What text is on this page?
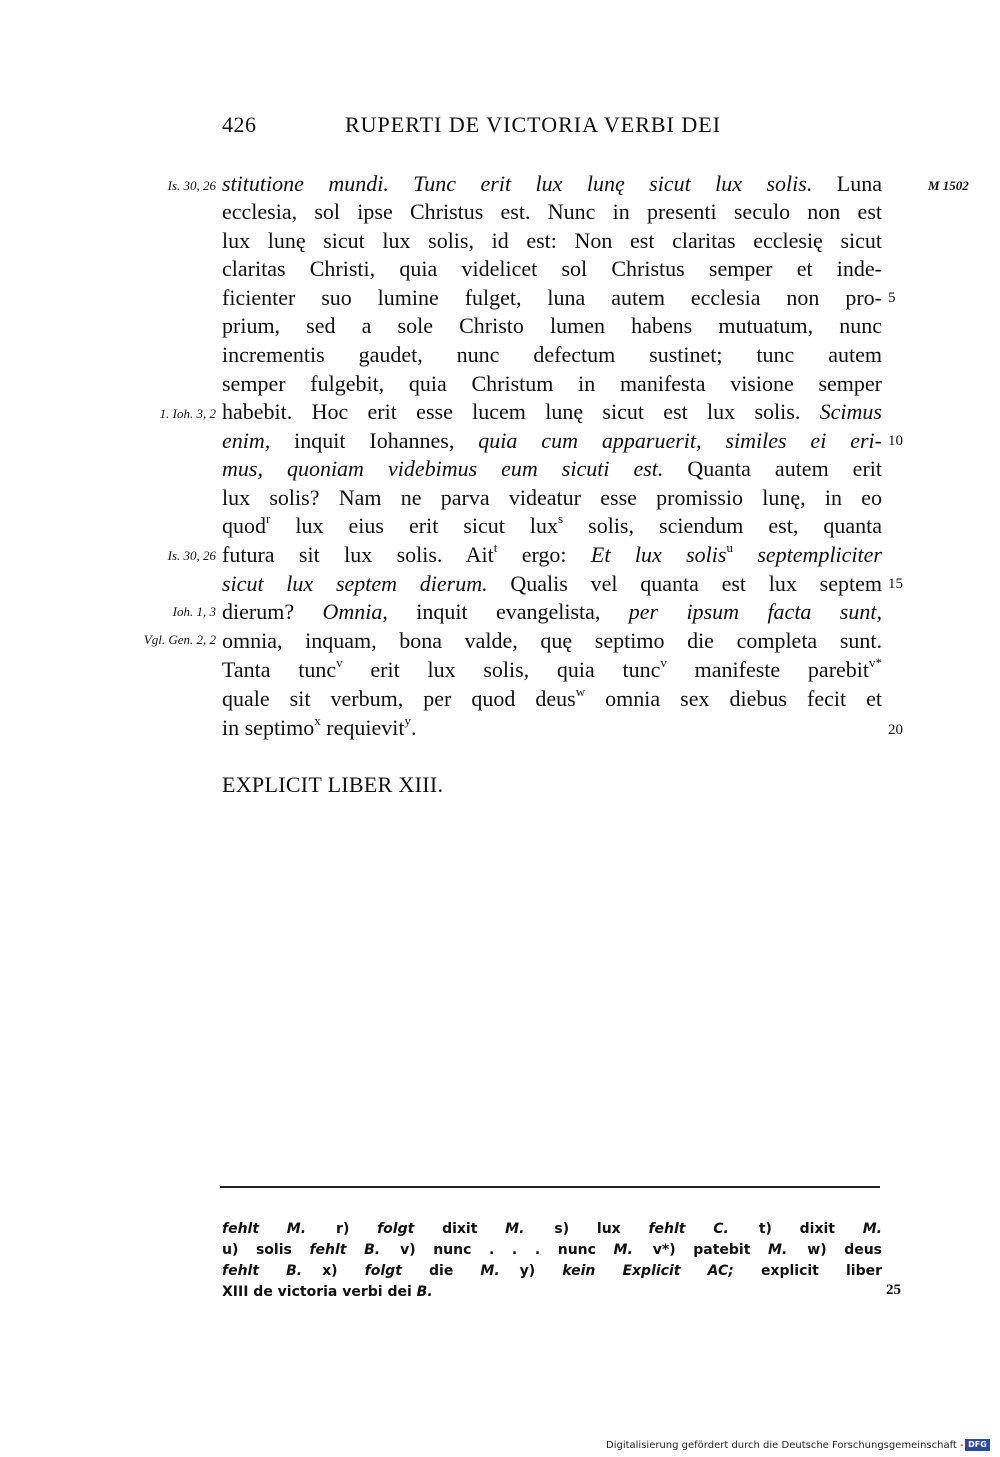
426	RUPERTI DE VICTORIA VERBI DEI
M 1502
Is. 30, 26
1. Ioh. 3, 2
Is. 30, 26
Ioh. 1, 3
Vgl. Gen. 2, 2
5
10
15
20
stitutione mundi. Tunc erit lux lunę sicut lux solis. Luna
ecclesia, sol ipse Christus est. Nunc in presenti seculo non est
lux lunę sicut lux solis, id est: Non est claritas ecclesię sicut
claritas Christi, quia videlicet sol Christus semper et inde-
ficienter suo lumine fulget, luna autem ecclesia non pro-
prium, sed a sole Christo lumen habens mutuatum, nunc
incrementis gaudet, nunc defectum sustinet; tunc autem
semper fulgebit, quia Christum in manifesta visione semper
habebit. Hoc erit esse lucem lunę sicut est lux solis. Scimus
enim, inquit Iohannes, quia cum apparuerit, similes ei eri-
mus, quoniam videbimus eum sicuti est. Quanta autem erit
lux solis? Nam ne parva videatur esse promissio lunę, in eo
quod$^r$ lux eius erit sicut lux$^s$ solis, sciendum est, quanta
futura sit lux solis. Ait$^t$ ergo: Et lux solis$^u$ septempliciter
sicut lux septem dierum. Qualis vel quanta est lux septem
dierum? Omnia, inquit evangelista, per ipsum facta sunt,
omnia, inquam, bona valde, quę septimo die completa sunt.
Tanta tunc$^v$ erit lux solis, quia tunc$^v$ manifeste parebit$^{v*}$
quale sit verbum, per quod deus$^w$ omnia sex diebus fecit et
in septimo$^x$ requievit$^y$.
EXPLICIT LIBER XIII.
fehlt M. r) folgt dixit M. s) lux fehlt C. t) dixit M.
u) solis fehlt B. v) nunc . . . nunc M. v*) patebit M. w) deus
fehlt B. x) folgt die M. y) kein Explicit AC; explicit liber
XIII de victoria verbi dei B.	25
Digitalisierung gefördert durch die Deutsche Forschungsgemeinschaft - DFG
